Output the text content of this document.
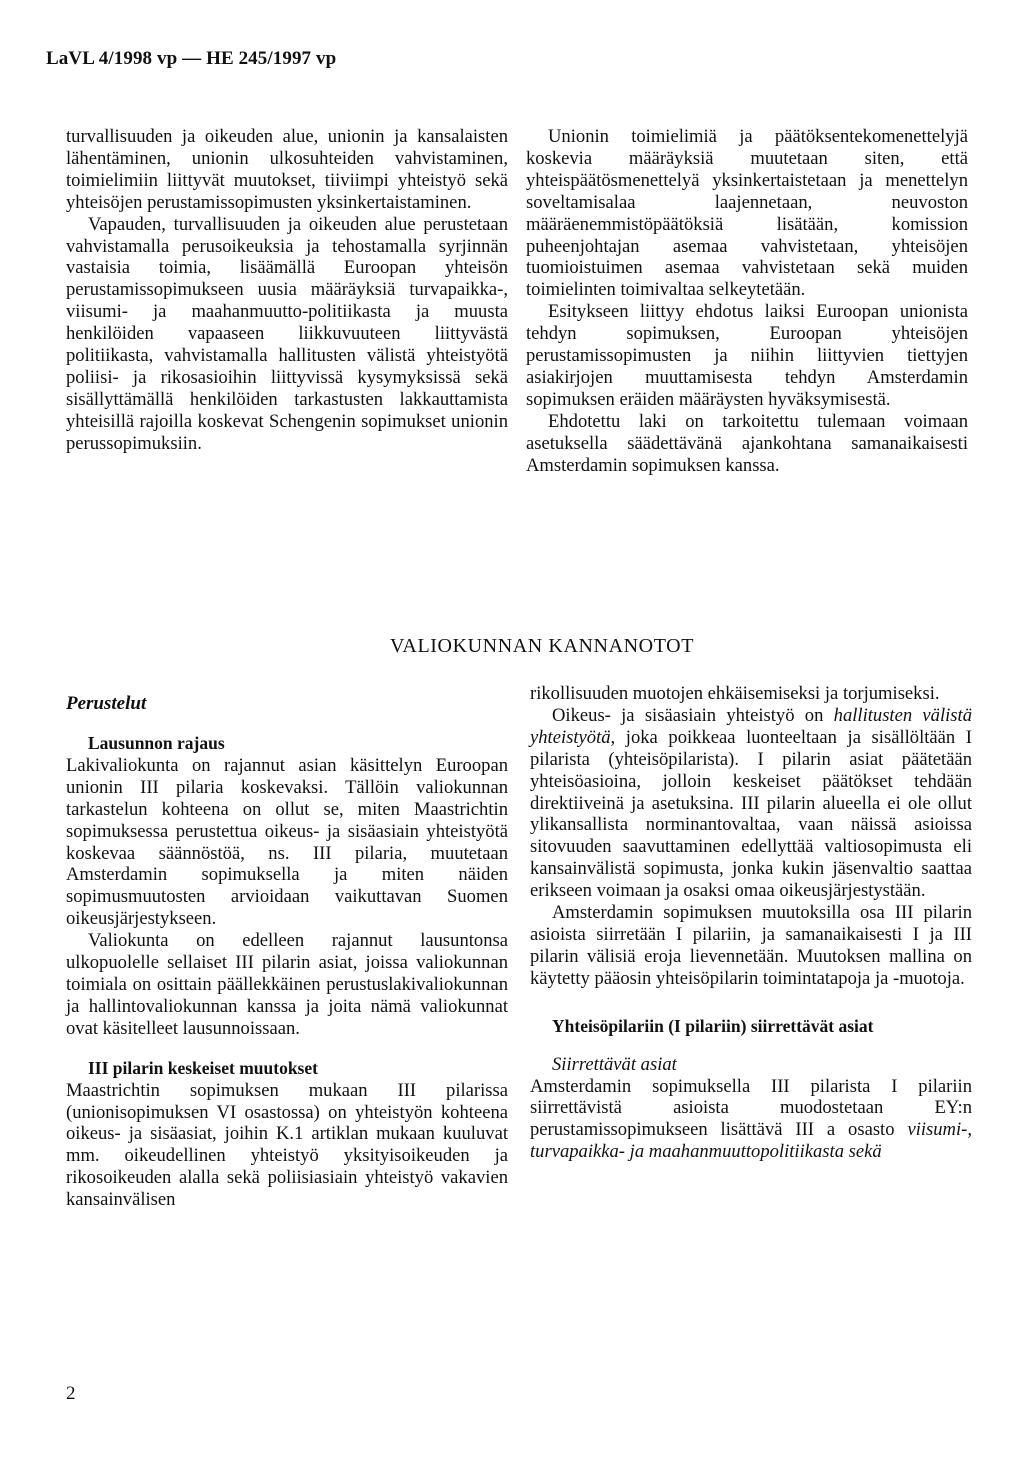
LaVL 4/1998 vp — HE 245/1997 vp

turvallisuuden ja oikeuden alue, unionin ja kansalaisten lähentäminen, unionin ulkosuhteiden vahvistaminen, toimielimiin liittyvät muutokset, tiiviimpi yhteistyö sekä yhteisöjen perustamissopimusten yksinkertaistaminen.

Vapauden, turvallisuuden ja oikeuden alue perustetaan vahvistamalla perusoikeuksia ja tehostamalla syrjinnän vastaisia toimia, lisäämällä Euroopan yhteisön perustamissopimukseen uusia määräyksiä turvapaikka-, viisumi- ja maahanmuutto-politiikasta ja muusta henkilöiden vapaaseen liikkuvuuteen liittyvästä politiikasta, vahvistamalla hallitusten välistä yhteistyötä poliisi- ja rikosasioihin liittyvissä kysymyksissä sekä sisällyttämällä henkilöiden tarkastusten lakkauttamista yhteisillä rajoilla koskevat Schengenin sopimukset unionin perussopimuksiin.

Unionin toimielimiä ja päätöksentekomenettelyjä koskevia määräyksiä muutetaan siten, että yhteispäätösmenettelyä yksinkertaistetaan ja menettelyn soveltamisalaa laajennetaan, neuvoston määräenemmistöpäätöksiä lisätään, komission puheenjohtajan asemaa vahvistetaan, yhteisöjen tuomioistuimen asemaa vahvistetaan sekä muiden toimielinten toimivaltaa selkeytetään.

Esitykseen liittyy ehdotus laiksi Euroopan unionista tehdyn sopimuksen, Euroopan yhteisöjen perustamissopimusten ja niihin liittyvien tiettyjen asiakirjojen muuttamisesta tehdyn Amsterdamin sopimuksen eräiden määräysten hyväksymisestä.

Ehdotettu laki on tarkoitettu tulemaan voimaan asetuksella säädettävänä ajankohtana samanaikaisesti Amsterdamin sopimuksen kanssa.

VALIOKUNNAN KANNANOTOT

Lausunnon rajaus

Lakivaliokunta on rajannut asian käsittelyn Euroopan unionin III pilaria koskevaksi. Tällöin valiokunnan tarkastelun kohteena on ollut se, miten Maastrichtin sopimuksessa perustettua oikeus- ja sisäasiain yhteistyötä koskevaa säännöstöä, ns. III pilaria, muutetaan Amsterdamin sopimuksella ja miten näiden sopimusmuutosten arvioidaan vaikuttavan Suomen oikeusjärjestykseen.

Valiokunta on edelleen rajannut lausuntonsa ulkopuolelle sellaiset III pilarin asiat, joissa valiokunnan toimiala on osittain päällekkäinen perustuslakivaliokunnan ja hallintovaliokunnan kanssa ja joita nämä valiokunnat ovat käsitelleet lausunnoissaan.

III pilarin keskeiset muutokset

Maastrichtin sopimuksen mukaan III pilarissa (unionisopimuksen VI osastossa) on yhteistyön kohteena oikeus- ja sisäasiat, joihin K.1 artiklan mukaan kuuluvat mm. oikeudellinen yhteistyö yksityisoikeuden ja rikosoikeuden alalla sekä poliisiasiain yhteistyö vakavien kansainvälisen

Perustelut	rikollisuuden muotojen ehkäisemiseksi ja torjumiseksi.

Oikeus- ja sisäasiain yhteistyö on hallitusten välistä yhteistyötä, joka poikkeaa luonteeltaan ja sisällöltään I pilarista (yhteisöpilarista). I pilarin asiat päätetään yhteisöasioina, jolloin keskeiset päätökset tehdään direktiiveinä ja asetuksina. III pilarin alueella ei ole ollut ylikansallista norminantovaltaa, vaan näissä asioissa sitovuuden saavuttaminen edellyttää valtiosopimusta eli kansainvälistä sopimusta, jonka kukin jäsenvaltio saattaa erikseen voimaan ja osaksi omaa oikeusjärjestystään.

Amsterdamin sopimuksen muutoksilla osa III pilarin asioista siirretään I pilariin, ja samanaikaisesti I ja III pilarin välisiä eroja lievennetään. Muutoksen mallina on käytetty pääosin yhteisöpilarin toimintatapoja ja -muotoja.

Yhteisöpilariin (I pilariin) siirrettävät asiat

Siirrettävät asiat

Amsterdamin sopimuksella III pilarista I pilariin siirrettävistä asioista muodostetaan EY:n perustamissopimukseen lisättävä III a osasto viisumi-, turvapaikka- ja maahanmuuttopolitiikasta sekä

2
